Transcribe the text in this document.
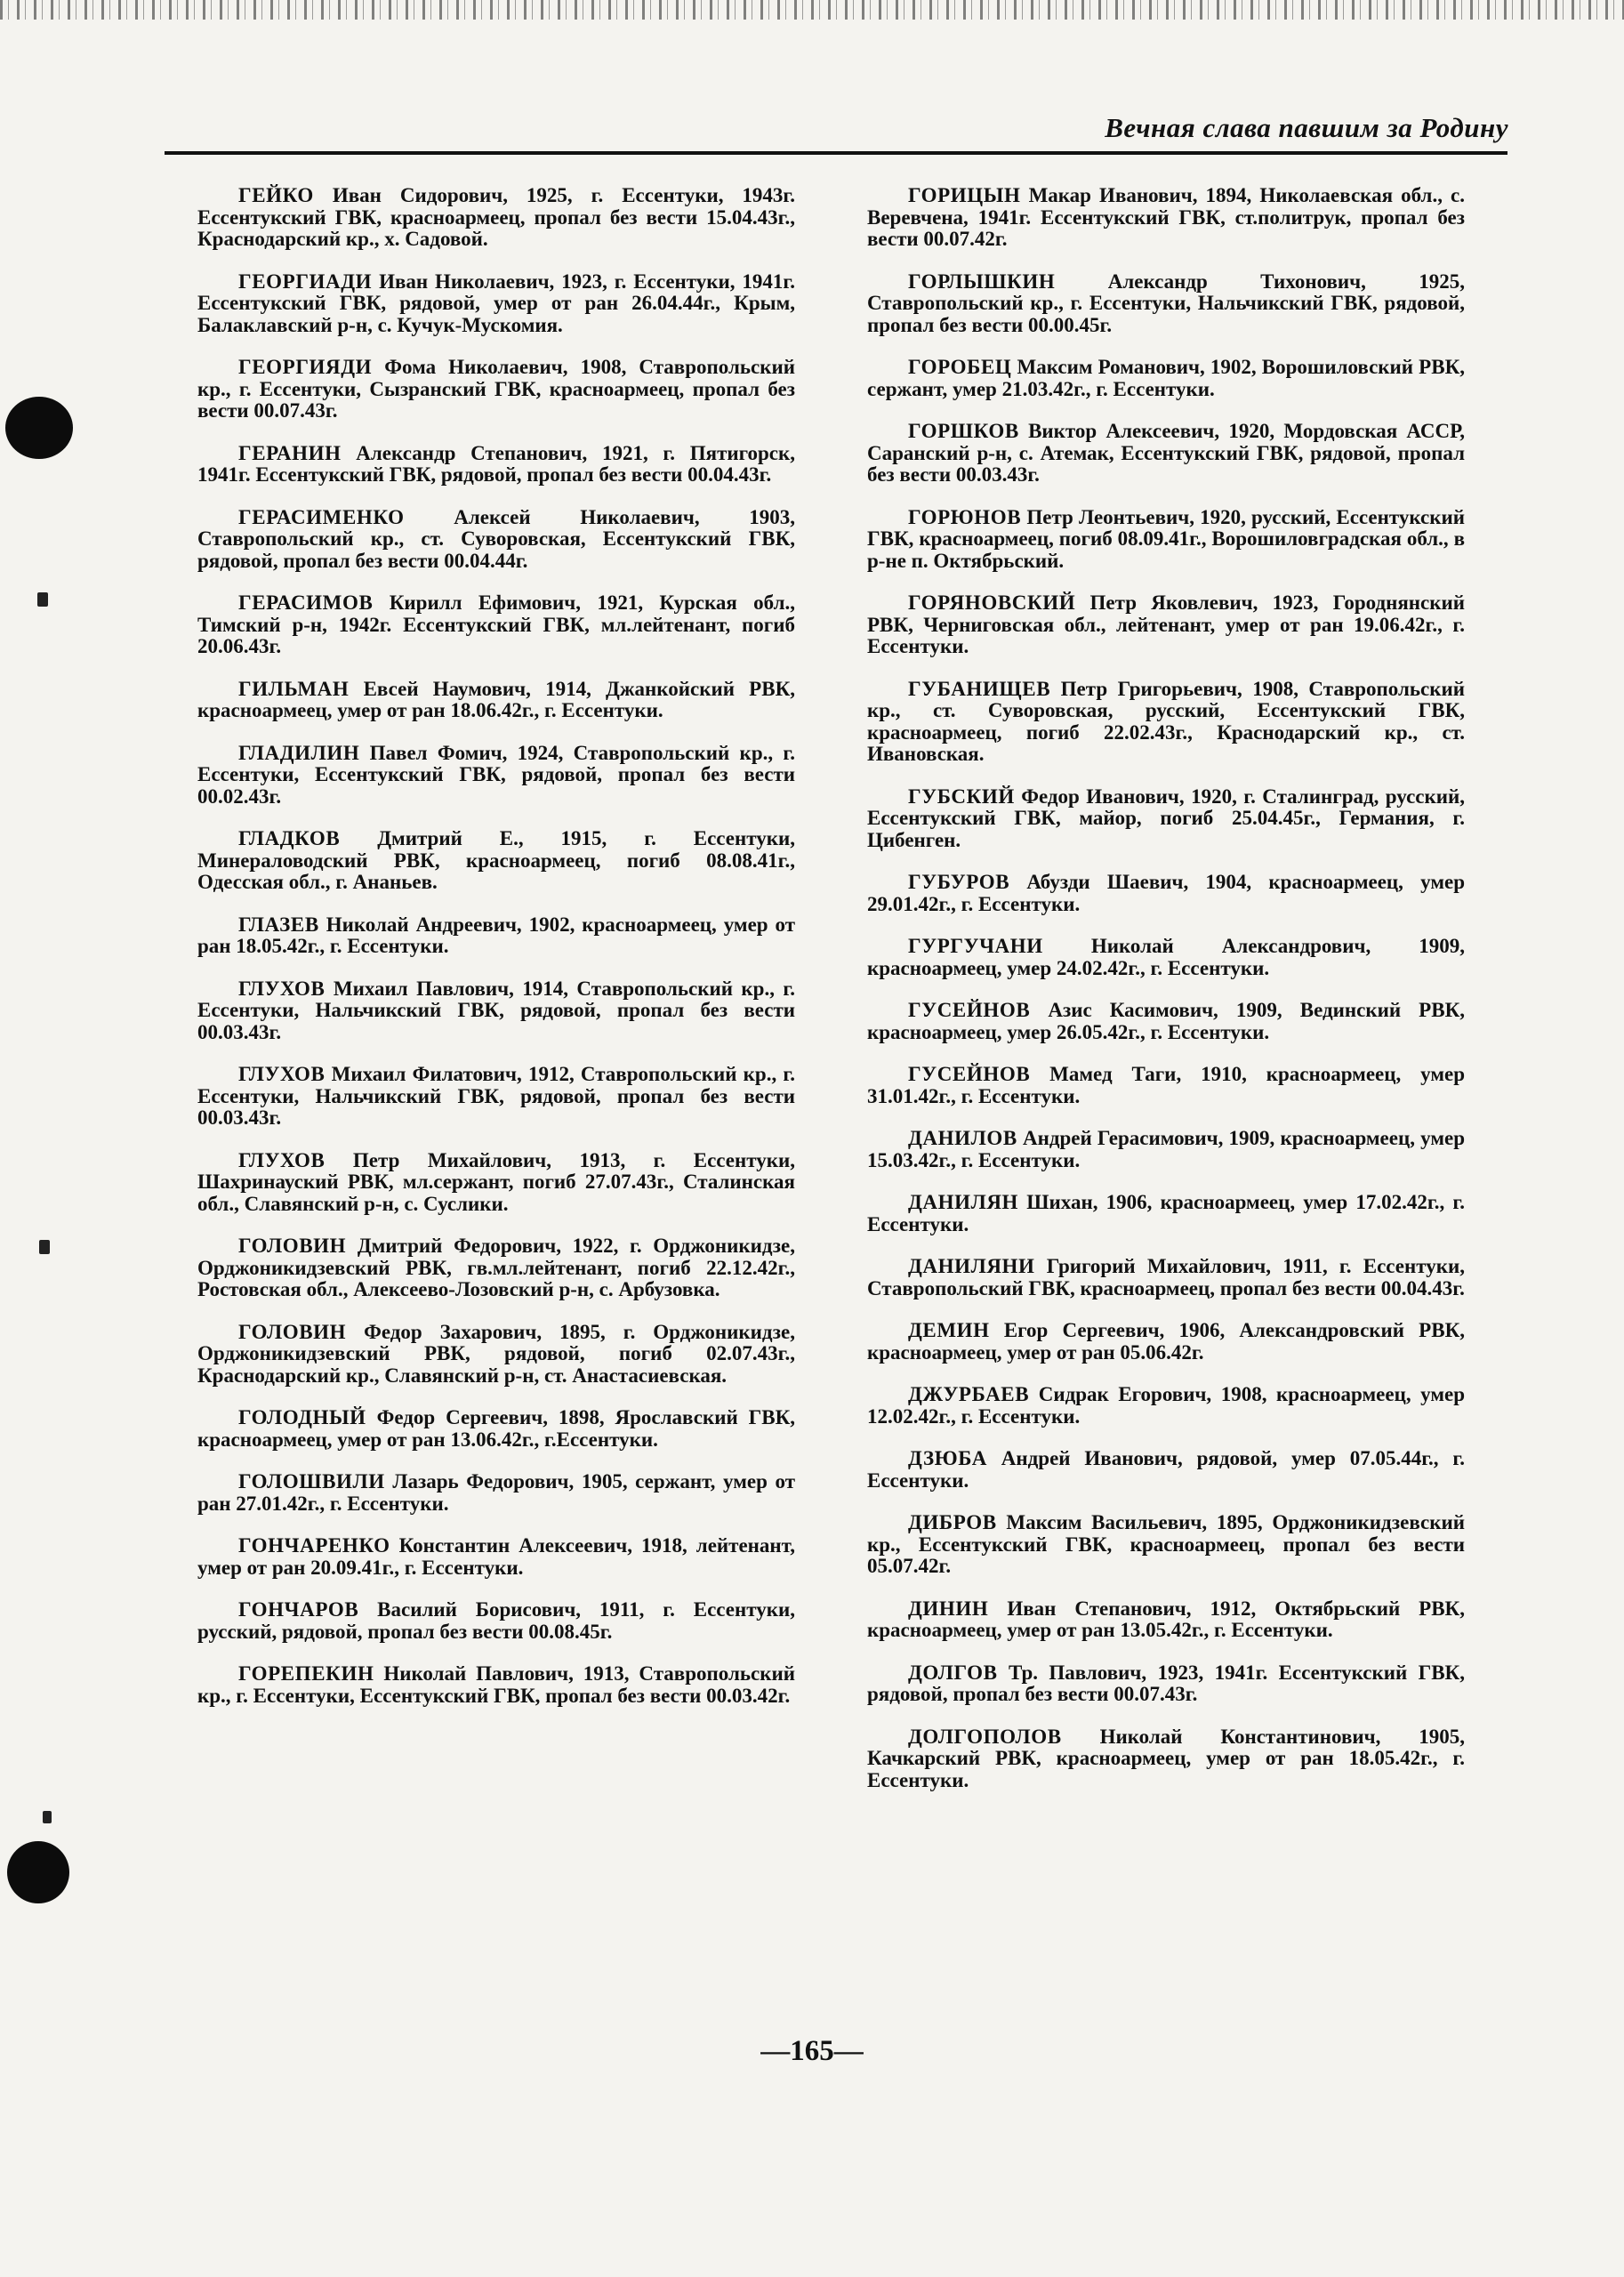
Вечная слава павшим за Родину

ГЕЙКО Иван Сидорович, 1925, г. Ессентуки, 1943г. Ессентукский ГВК, красноармеец, пропал без вести 15.04.43г., Краснодарский кр., х. Садовой.

ГЕОРГИАДИ Иван Николаевич, 1923, г. Ессентуки, 1941г. Ессентукский ГВК, рядовой, умер от ран 26.04.44г., Крым, Балаклавский р-н, с. Кучук-Мускомия.

ГЕОРГИЯДИ Фома Николаевич, 1908, Ставропольский кр., г. Ессентуки, Сызранский ГВК, красноармеец, пропал без вести 00.07.43г.

ГЕРАНИН Александр Степанович, 1921, г. Пятигорск, 1941г. Ессентукский ГВК, рядовой, пропал без вести 00.04.43г.

ГЕРАСИМЕНКО Алексей Николаевич, 1903, Ставропольский кр., ст. Суворовская, Ессентукский ГВК, рядовой, пропал без вести 00.04.44г.

ГЕРАСИМОВ Кирилл Ефимович, 1921, Курская обл., Тимский р-н, 1942г. Ессентукский ГВК, мл.лейтенант, погиб 20.06.43г.

ГИЛЬМАН Евсей Наумович, 1914, Джанкойский РВК, красноармеец, умер от ран 18.06.42г., г. Ессентуки.

ГЛАДИЛИН Павел Фомич, 1924, Ставропольский кр., г. Ессентуки, Ессентукский ГВК, рядовой, пропал без вести 00.02.43г.

ГЛАДКОВ Дмитрий Е., 1915, г. Ессентуки, Минераловодский РВК, красноармеец, погиб 08.08.41г., Одесская обл., г. Ананьев.

ГЛАЗЕВ Николай Андреевич, 1902, красноармеец, умер от ран 18.05.42г., г. Ессентуки.

ГЛУХОВ Михаил Павлович, 1914, Ставропольский кр., г. Ессентуки, Нальчикский ГВК, рядовой, пропал без вести 00.03.43г.

ГЛУХОВ Михаил Филатович, 1912, Ставропольский кр., г. Ессентуки, Нальчикский ГВК, рядовой, пропал без вести 00.03.43г.

ГЛУХОВ Петр Михайлович, 1913, г. Ессентуки, Шахринауский РВК, мл.сержант, погиб 27.07.43г., Сталинская обл., Славянский р-н, с. Суслики.

ГОЛОВИН Дмитрий Федорович, 1922, г. Орджоникидзе, Орджоникидзевский РВК, гв.мл.лейтенант, погиб 22.12.42г., Ростовская обл., Алексеево-Лозовский р-н, с. Арбузовка.

ГОЛОВИН Федор Захарович, 1895, г. Орджоникидзе, Орджоникидзевский РВК, рядовой, погиб 02.07.43г., Краснодарский кр., Славянский р-н, ст. Анастасиевская.

ГОЛОДНЫЙ Федор Сергеевич, 1898, Ярославский ГВК, красноармеец, умер от ран 13.06.42г., г.Ессентуки.

ГОЛОШВИЛИ Лазарь Федорович, 1905, сержант, умер от ран 27.01.42г., г. Ессентуки.

ГОНЧАРЕНКО Константин Алексеевич, 1918, лейтенант, умер от ран 20.09.41г., г. Ессентуки.

ГОНЧАРОВ Василий Борисович, 1911, г. Ессентуки, русский, рядовой, пропал без вести 00.08.45г.

ГОРЕПЕКИН Николай Павлович, 1913, Ставропольский кр., г. Ессентуки, Ессентукский ГВК, пропал без вести 00.03.42г.

ГОРИЦЫН Макар Иванович, 1894, Николаевская обл., с. Веревчена, 1941г. Ессентукский ГВК, ст.политрук, пропал без вести 00.07.42г.

ГОРЛЫШКИН	Александр Тихонович, 1925, Ставропольский кр., г. Ессентуки, Нальчикский ГВК, рядовой, пропал без вести 00.00.45г.

ГОРОБЕЦ Максим Романович, 1902, Ворошиловский РВК, сержант, умер 21.03.42г., г. Ессентуки.

ГОРШКОВ Виктор Алексеевич, 1920, Мордовская АССР, Саранский р-н, с. Атемак, Ессентукский ГВК, рядовой, пропал без вести 00.03.43г.

ГОРЮНОВ Петр Леонтьевич, 1920, русский, Ессентукский ГВК, красноармеец, погиб 08.09.41г., Ворошиловградская обл., в р-не п. Октябрьский.

ГОРЯНОВСКИЙ Петр Яковлевич, 1923, Городнянский РВК, Черниговская обл., лейтенант, умер от ран 19.06.42г., г. Ессентуки.

ГУБАНИЩЕВ Петр Григорьевич, 1908, Ставропольский кр., ст. Суворовская, русский, Ессентукский ГВК, красноармеец, погиб 22.02.43г., Краснодарский кр., ст. Ивановская.

ГУБСКИЙ Федор Иванович, 1920, г. Сталинград, русский, Ессентукский ГВК, майор, погиб 25.04.45г., Германия, г. Цибенген.

ГУБУРОВ Абузди Шаевич, 1904, красноармеец, умер 29.01.42г., г. Ессентуки.

ГУРГУЧАНИ Николай Александрович, 1909, красноармеец, умер 24.02.42г., г. Ессентуки.

ГУСЕЙНОВ Азис Касимович, 1909, Вединский РВК, красноармеец, умер 26.05.42г., г. Ессентуки.

ГУСЕЙНОВ Мамед Таги, 1910, красноармеец, умер 31.01.42г., г. Ессентуки.

ДАНИЛОВ Андрей Герасимович, 1909, красноармеец, умер 15.03.42г., г. Ессентуки.

ДАНИЛЯН Шихан, 1906, красноармеец, умер 17.02.42г., г. Ессентуки.

ДАНИЛЯНИ Григорий Михайлович, 1911, г. Ессентуки, Ставропольский ГВК, красноармеец, пропал без вести 00.04.43г.

ДЕМИН Егор Сергеевич, 1906, Александровский РВК, красноармеец, умер от ран 05.06.42г.

ДЖУРБАЕВ Сидрак Егорович, 1908, красноармеец, умер 12.02.42г., г. Ессентуки.

ДЗЮБА Андрей Иванович, рядовой, умер 07.05.44г., г. Ессентуки.

ДИБРОВ Максим Васильевич, 1895, Орджоникидзевский кр., Ессентукский ГВК, красноармеец, пропал без вести 05.07.42г.

ДИНИН Иван Степанович, 1912, Октябрьский РВК, красноармеец, умер от ран 13.05.42г., г. Ессентуки.

ДОЛГОВ Тр. Павлович, 1923, 1941г. Ессентукский ГВК, рядовой, пропал без вести 00.07.43г.

ДОЛГОПОЛОВ Николай Константинович, 1905, Качкарский РВК, красноармеец, умер от ран 18.05.42г., г. Ессентуки.

—165—
